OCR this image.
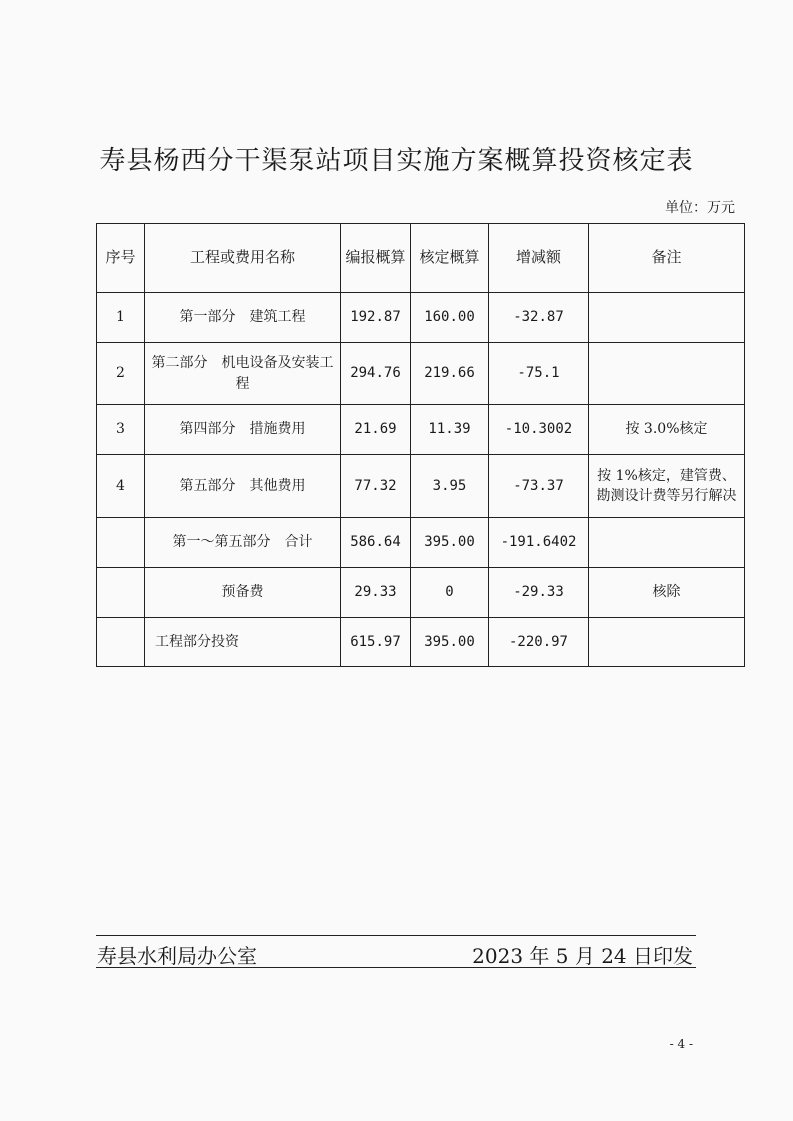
寿县杨西分干渠泵站项目实施方案概算投资核定表
单位：万元
序号	工程或费用名称	编报概算	核定概算	增减额	备注
1	第一部分　建筑工程	192.87	160.00	-32.87	
2	第二部分　机电设备及安装工程	294.76	219.66	-75.1	
3	第四部分　措施费用	21.69	11.39	-10.3002	按 3.0%核定
4	第五部分　其他费用	77.32	3.95	-73.37	按 1%核定，建管费、勘测设计费等另行解决
	第一～第五部分　合计	586.64	395.00	-191.6402	
	预备费	29.33	0	-29.33	核除
	工程部分投资	615.97	395.00	-220.97	
寿县水利局办公室	2023 年 5 月 24 日印发
- 4 -
